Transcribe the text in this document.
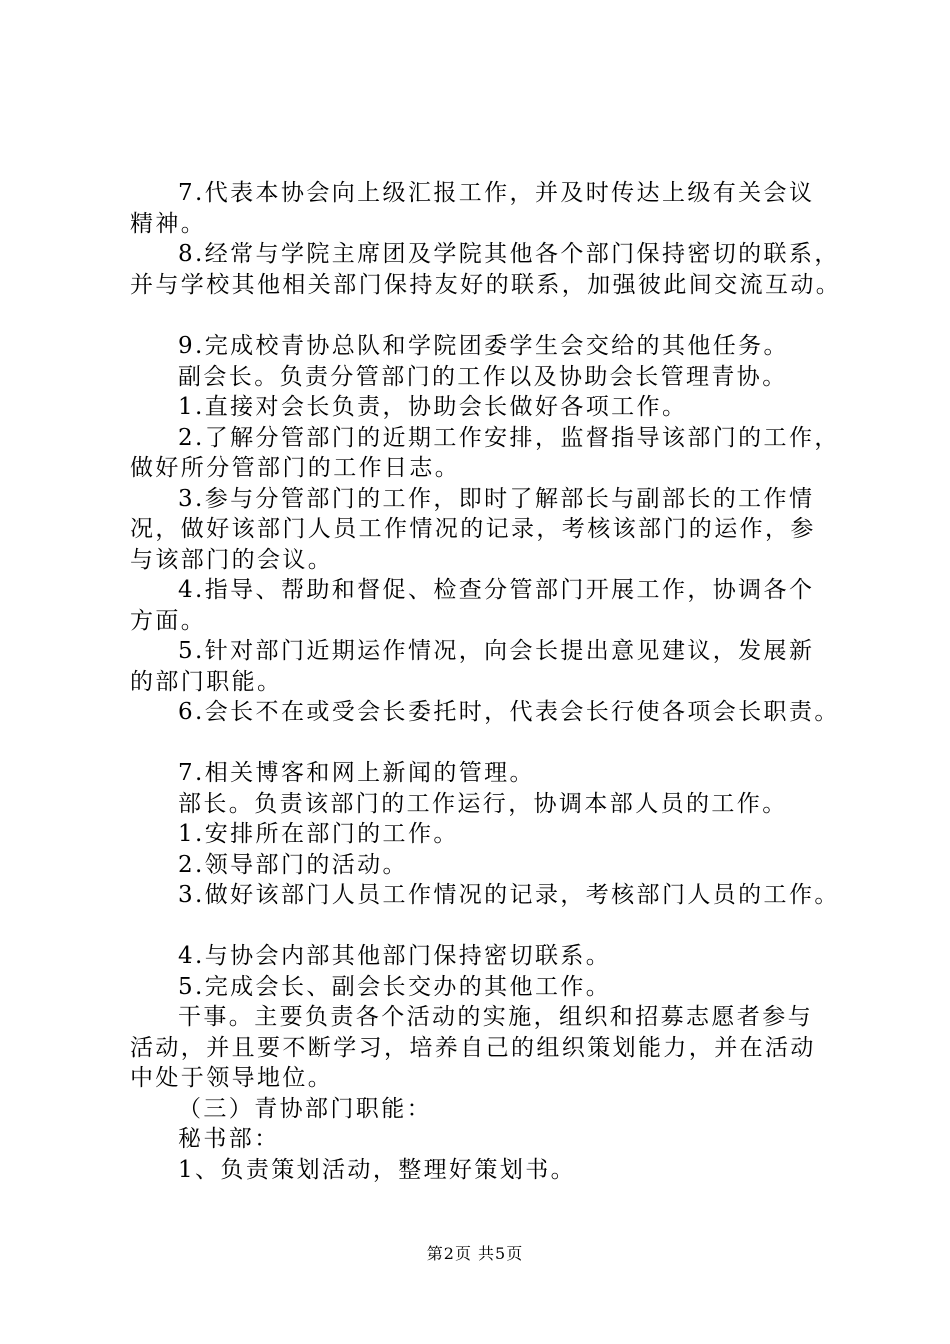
7.代表本协会向上级汇报工作，并及时传达上级有关会议
精神。
8.经常与学院主席团及学院其他各个部门保持密切的联系，
并与学校其他相关部门保持友好的联系，加强彼此间交流互动。
9.完成校青协总队和学院团委学生会交给的其他任务。
副会长。负责分管部门的工作以及协助会长管理青协。
1.直接对会长负责，协助会长做好各项工作。
2.了解分管部门的近期工作安排，监督指导该部门的工作，
做好所分管部门的工作日志。
3.参与分管部门的工作，即时了解部长与副部长的工作情
况，做好该部门人员工作情况的记录，考核该部门的运作，参
与该部门的会议。
4.指导、帮助和督促、检查分管部门开展工作，协调各个
方面。
5.针对部门近期运作情况，向会长提出意见建议，发展新
的部门职能。
6.会长不在或受会长委托时，代表会长行使各项会长职责。
7.相关博客和网上新闻的管理。
部长。负责该部门的工作运行，协调本部人员的工作。
1.安排所在部门的工作。
2.领导部门的活动。
3.做好该部门人员工作情况的记录，考核部门人员的工作。
4.与协会内部其他部门保持密切联系。
5.完成会长、副会长交办的其他工作。
干事。主要负责各个活动的实施，组织和招募志愿者参与
活动，并且要不断学习，培养自己的组织策划能力，并在活动
中处于领导地位。
（三）青协部门职能：
秘书部：
1、负责策划活动，整理好策划书。
第2页 共5页
